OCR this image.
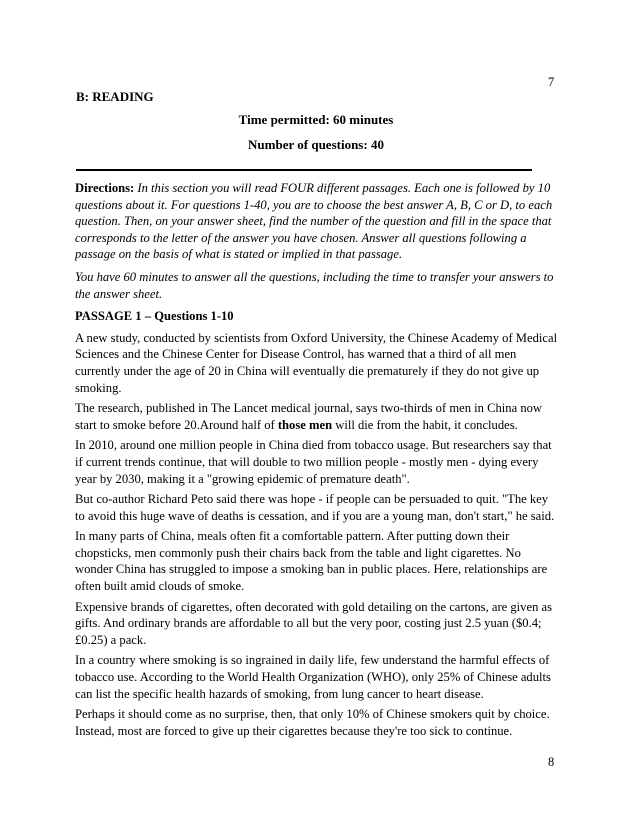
7
B: READING
Time permitted: 60 minutes
Number of questions: 40

Directions: In this section you will read FOUR different passages. Each one is followed by 10 questions about it. For questions 1-40, you are to choose the best answer A, B, C or D, to each question. Then, on your answer sheet, find the number of the question and fill in the space that corresponds to the letter of the answer you have chosen. Answer all questions following a passage on the basis of what is stated or implied in that passage.

You have 60 minutes to answer all the questions, including the time to transfer your answers to the answer sheet.

PASSAGE 1 – Questions 1-10

A new study, conducted by scientists from Oxford University, the Chinese Academy of Medical Sciences and the Chinese Center for Disease Control, has warned that a third of all men currently under the age of 20 in China will eventually die prematurely if they do not give up smoking.

The research, published in The Lancet medical journal, says two-thirds of men in China now start to smoke before 20.Around half of those men will die from the habit, it concludes.

In 2010, around one million people in China died from tobacco usage. But researchers say that if current trends continue, that will double to two million people - mostly men - dying every year by 2030, making it a "growing epidemic of premature death".

But co-author Richard Peto said there was hope - if people can be persuaded to quit. "The key to avoid this huge wave of deaths is cessation, and if you are a young man, don't start," he said.

In many parts of China, meals often fit a comfortable pattern. After putting down their chopsticks, men commonly push their chairs back from the table and light cigarettes. No wonder China has struggled to impose a smoking ban in public places. Here, relationships are often built amid clouds of smoke.

Expensive brands of cigarettes, often decorated with gold detailing on the cartons, are given as gifts. And ordinary brands are affordable to all but the very poor, costing just 2.5 yuan ($0.4; £0.25) a pack.

In a country where smoking is so ingrained in daily life, few understand the harmful effects of tobacco use. According to the World Health Organization (WHO), only 25% of Chinese adults can list the specific health hazards of smoking, from lung cancer to heart disease.

Perhaps it should come as no surprise, then, that only 10% of Chinese smokers quit by choice. Instead, most are forced to give up their cigarettes because they're too sick to continue.

8
